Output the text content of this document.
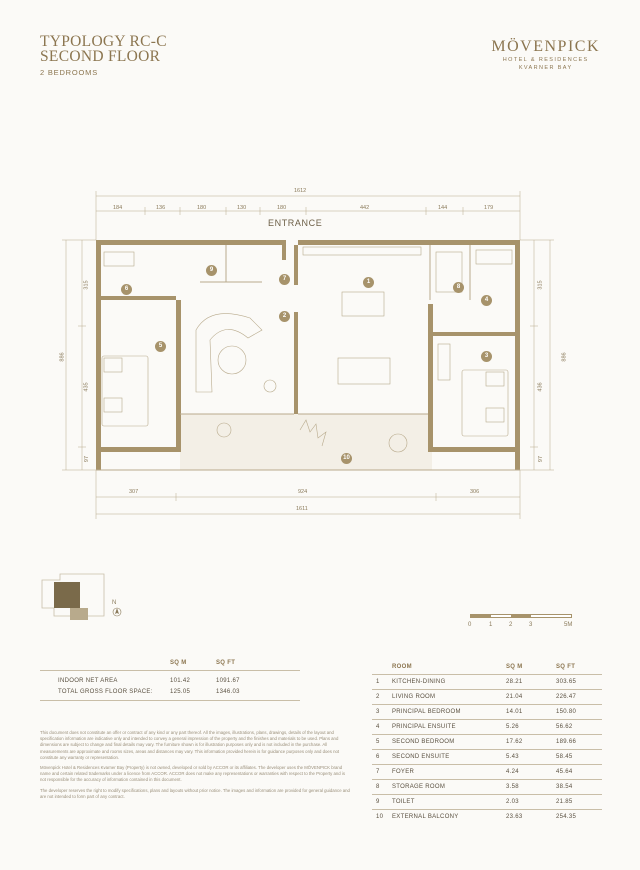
TYPOLOGY RC-C
SECOND FLOOR
2 BEDROOMS
MÖVENPICK
HOTEL & RESIDENCES
KVARNER BAY
1612
184	136	180	130	180	442	144	179
307	924	306
1611
315
435
97
886
315
436
97
886
ENTRANCE
1
2
3
4
5
6
7
8
9
10
N
0	1	2	3	5M
SQ M	SQ FT
INDOOR NET AREA	101.42	1091.67
TOTAL GROSS FLOOR SPACE:	125.05	1346.03
ROOM	SQ M	SQ FT
1 KITCHEN-DINING	28.21	303.65
2 LIVING ROOM	21.04	226.47
3 PRINCIPAL BEDROOM	14.01	150.80
4 PRINCIPAL ENSUITE	5.26	56.62
5 SECOND BEDROOM	17.62	189.66
6 SECOND ENSUITE	5.43	58.45
7 FOYER	4.24	45.64
8 STORAGE ROOM	3.58	38.54
9 TOILET	2.03	21.85
10 EXTERNAL BALCONY	23.63	254.35

This document does not constitute an offer or contract of any kind or any part thereof. All the images, illustrations, plans, drawings, details of the layout and specification information are indicative only and intended to convey a general impression of the property and the finishes and materials to be used. Plans and dimensions are subject to change and final details may vary. The furniture shown is for illustration purposes only and is not included in the purchase. All measurements are approximate and rooms sizes, areas and distances may vary. This information provided herein is for guidance purposes only and does not constitute any warranty or representation.

Mövenpick Hotel & Residences Kvarner Bay (Property) is not owned, developed or sold by ACCOR or its affiliates. The developer uses the MÖVENPICK brand name and certain related trademarks under a licence from ACCOR. ACCOR does not make any representations or warranties with respect to the Property and is not responsible for the accuracy of information contained in this document.

The developer reserves the right to modify specifications, plans and layouts without prior notice. The images and information are provided for general guidance and are not intended to form part of any contract.
